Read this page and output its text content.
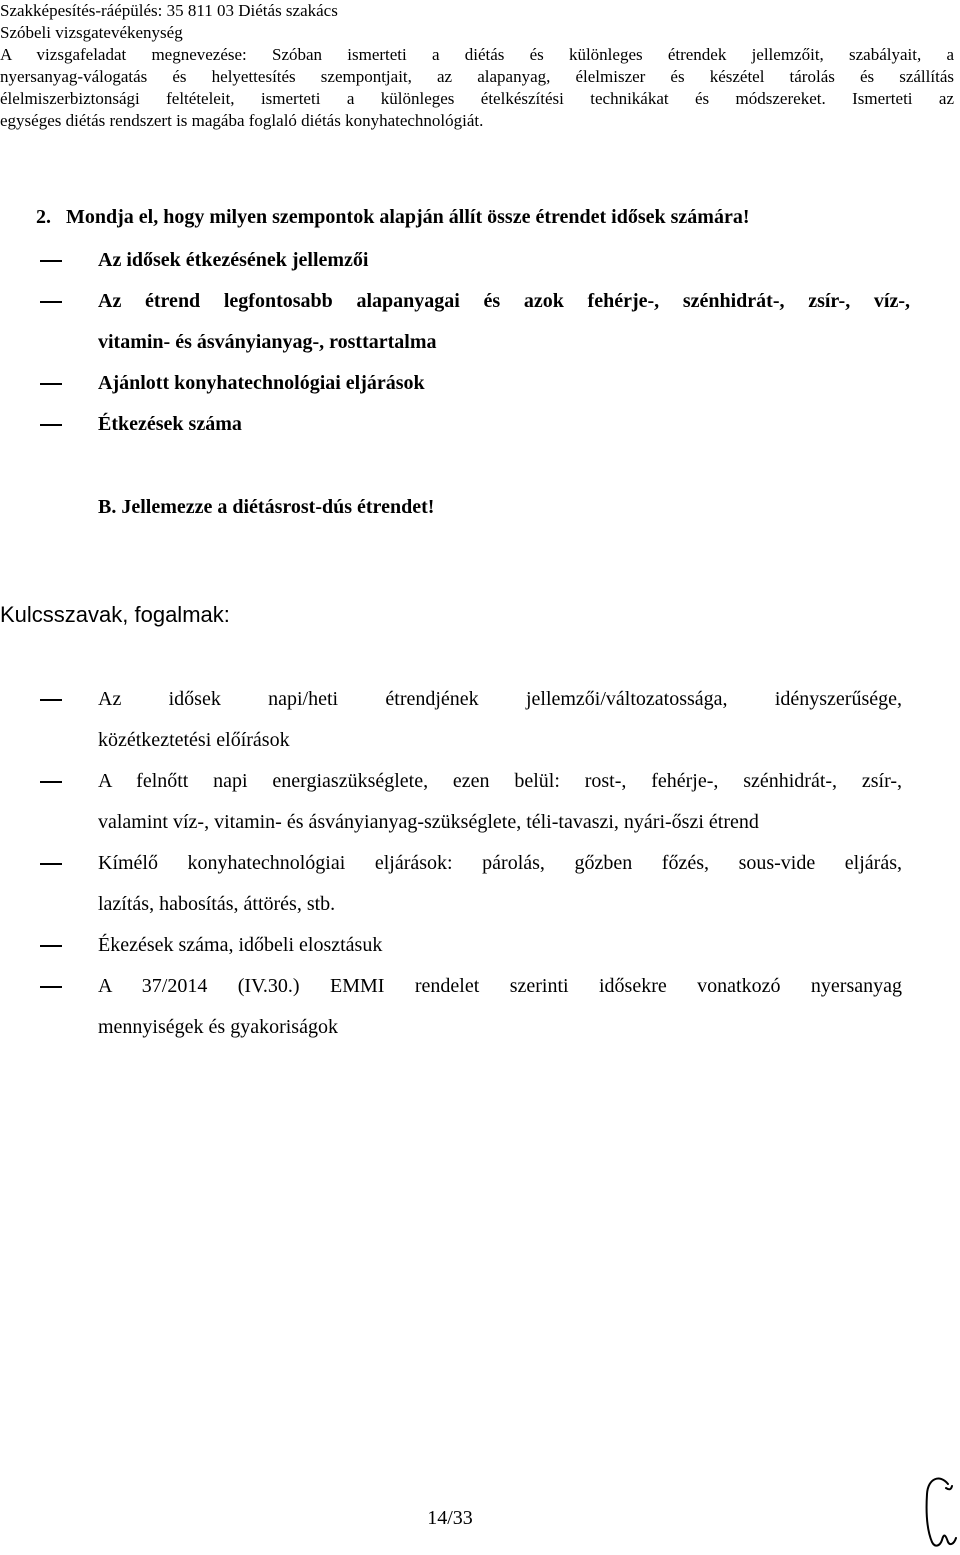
Szakképesítés-ráépülés: 35 811 03 Diétás szakács
Szóbeli vizsgatevékenység
A vizsgafeladat megnevezése: Szóban ismerteti a diétás és különleges étrendek jellemzőit, szabályait, a
nyersanyag-válogatás és helyettesítés szempontjait, az alapanyag, élelmiszer és készétel tárolás és szállítás
élelmiszerbiztonsági feltételeit, ismerteti a különleges ételkészítési technikákat és módszereket. Ismerteti az
egységes diétás rendszert is magába foglaló diétás konyhatechnológiát.
2. Mondja el, hogy milyen szempontok alapján állít össze étrendet idősek számára!
Az idősek étkezésének jellemzői
Az étrend legfontosabb alapanyagai és azok fehérje-, szénhidrát-, zsír-, víz-,
vitamin- és ásványianyag-, rosttartalma
Ajánlott konyhatechnológiai eljárások
Étkezések száma
B. Jellemezze a diétásrost-dús étrendet!
Kulcsszavak, fogalmak:
Az idősek napi/heti étrendjének jellemzői/változatossága, idényszerűsége,
közétkeztetési előírások
A felnőtt napi energiaszükséglete, ezen belül: rost-, fehérje-, szénhidrát-, zsír-,
valamint víz-, vitamin- és ásványianyag-szükséglete, téli-tavaszi, nyári-őszi étrend
Kímélő konyhatechnológiai eljárások: párolás, gőzben főzés, sous-vide eljárás,
lazítás, habosítás, áttörés, stb.
Ékezések száma, időbeli elosztásuk
A 37/2014 (IV.30.) EMMI rendelet szerinti idősekre vonatkozó nyersanyag
mennyiségek és gyakoriságok
14/33
